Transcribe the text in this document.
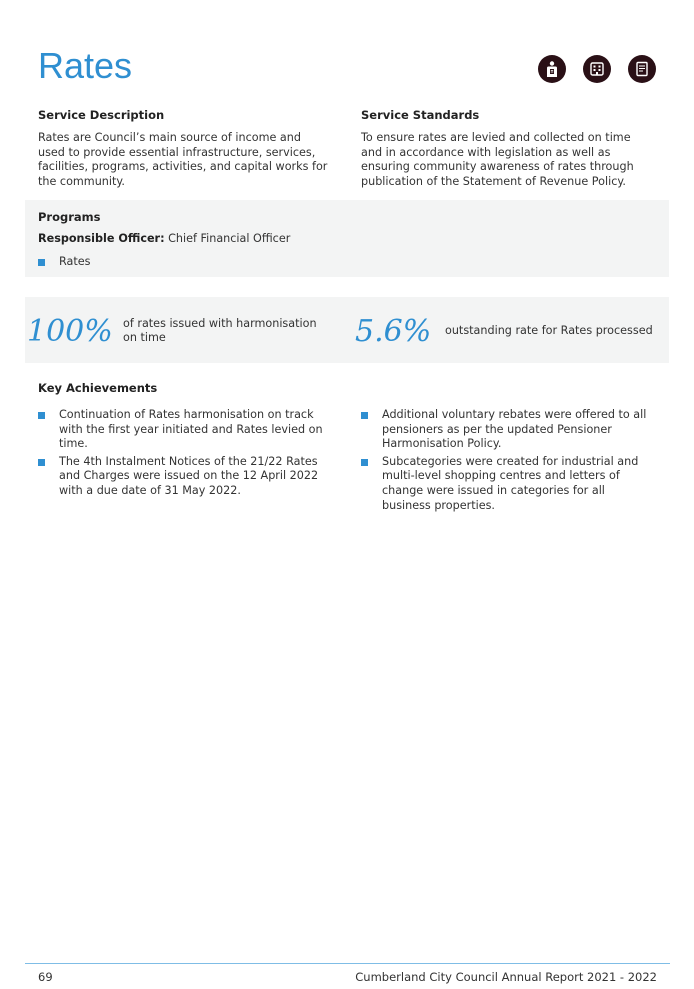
Rates
Service Description

Rates are Council’s main source of income and used to provide essential infrastructure, services, facilities, programs, activities, and capital works for the community.

Service Standards

To ensure rates are levied and collected on time and in accordance with legislation as well as ensuring community awareness of rates through publication of the Statement of Revenue Policy.

Programs
Responsible Officer: Chief Financial Officer
Rates
100% of rates issued with harmonisation on time	5.6% outstanding rate for Rates processed
Key Achievements
Continuation of Rates harmonisation on track with the first year initiated and Rates levied on time.
The 4th Instalment Notices of the 21/22 Rates and Charges were issued on the 12 April 2022 with a due date of 31 May 2022.
Additional voluntary rebates were offered to all pensioners as per the updated Pensioner Harmonisation Policy.
Subcategories were created for industrial and multi-level shopping centres and letters of change were issued in categories for all business properties.
69	Cumberland City Council Annual Report 2021 - 2022
